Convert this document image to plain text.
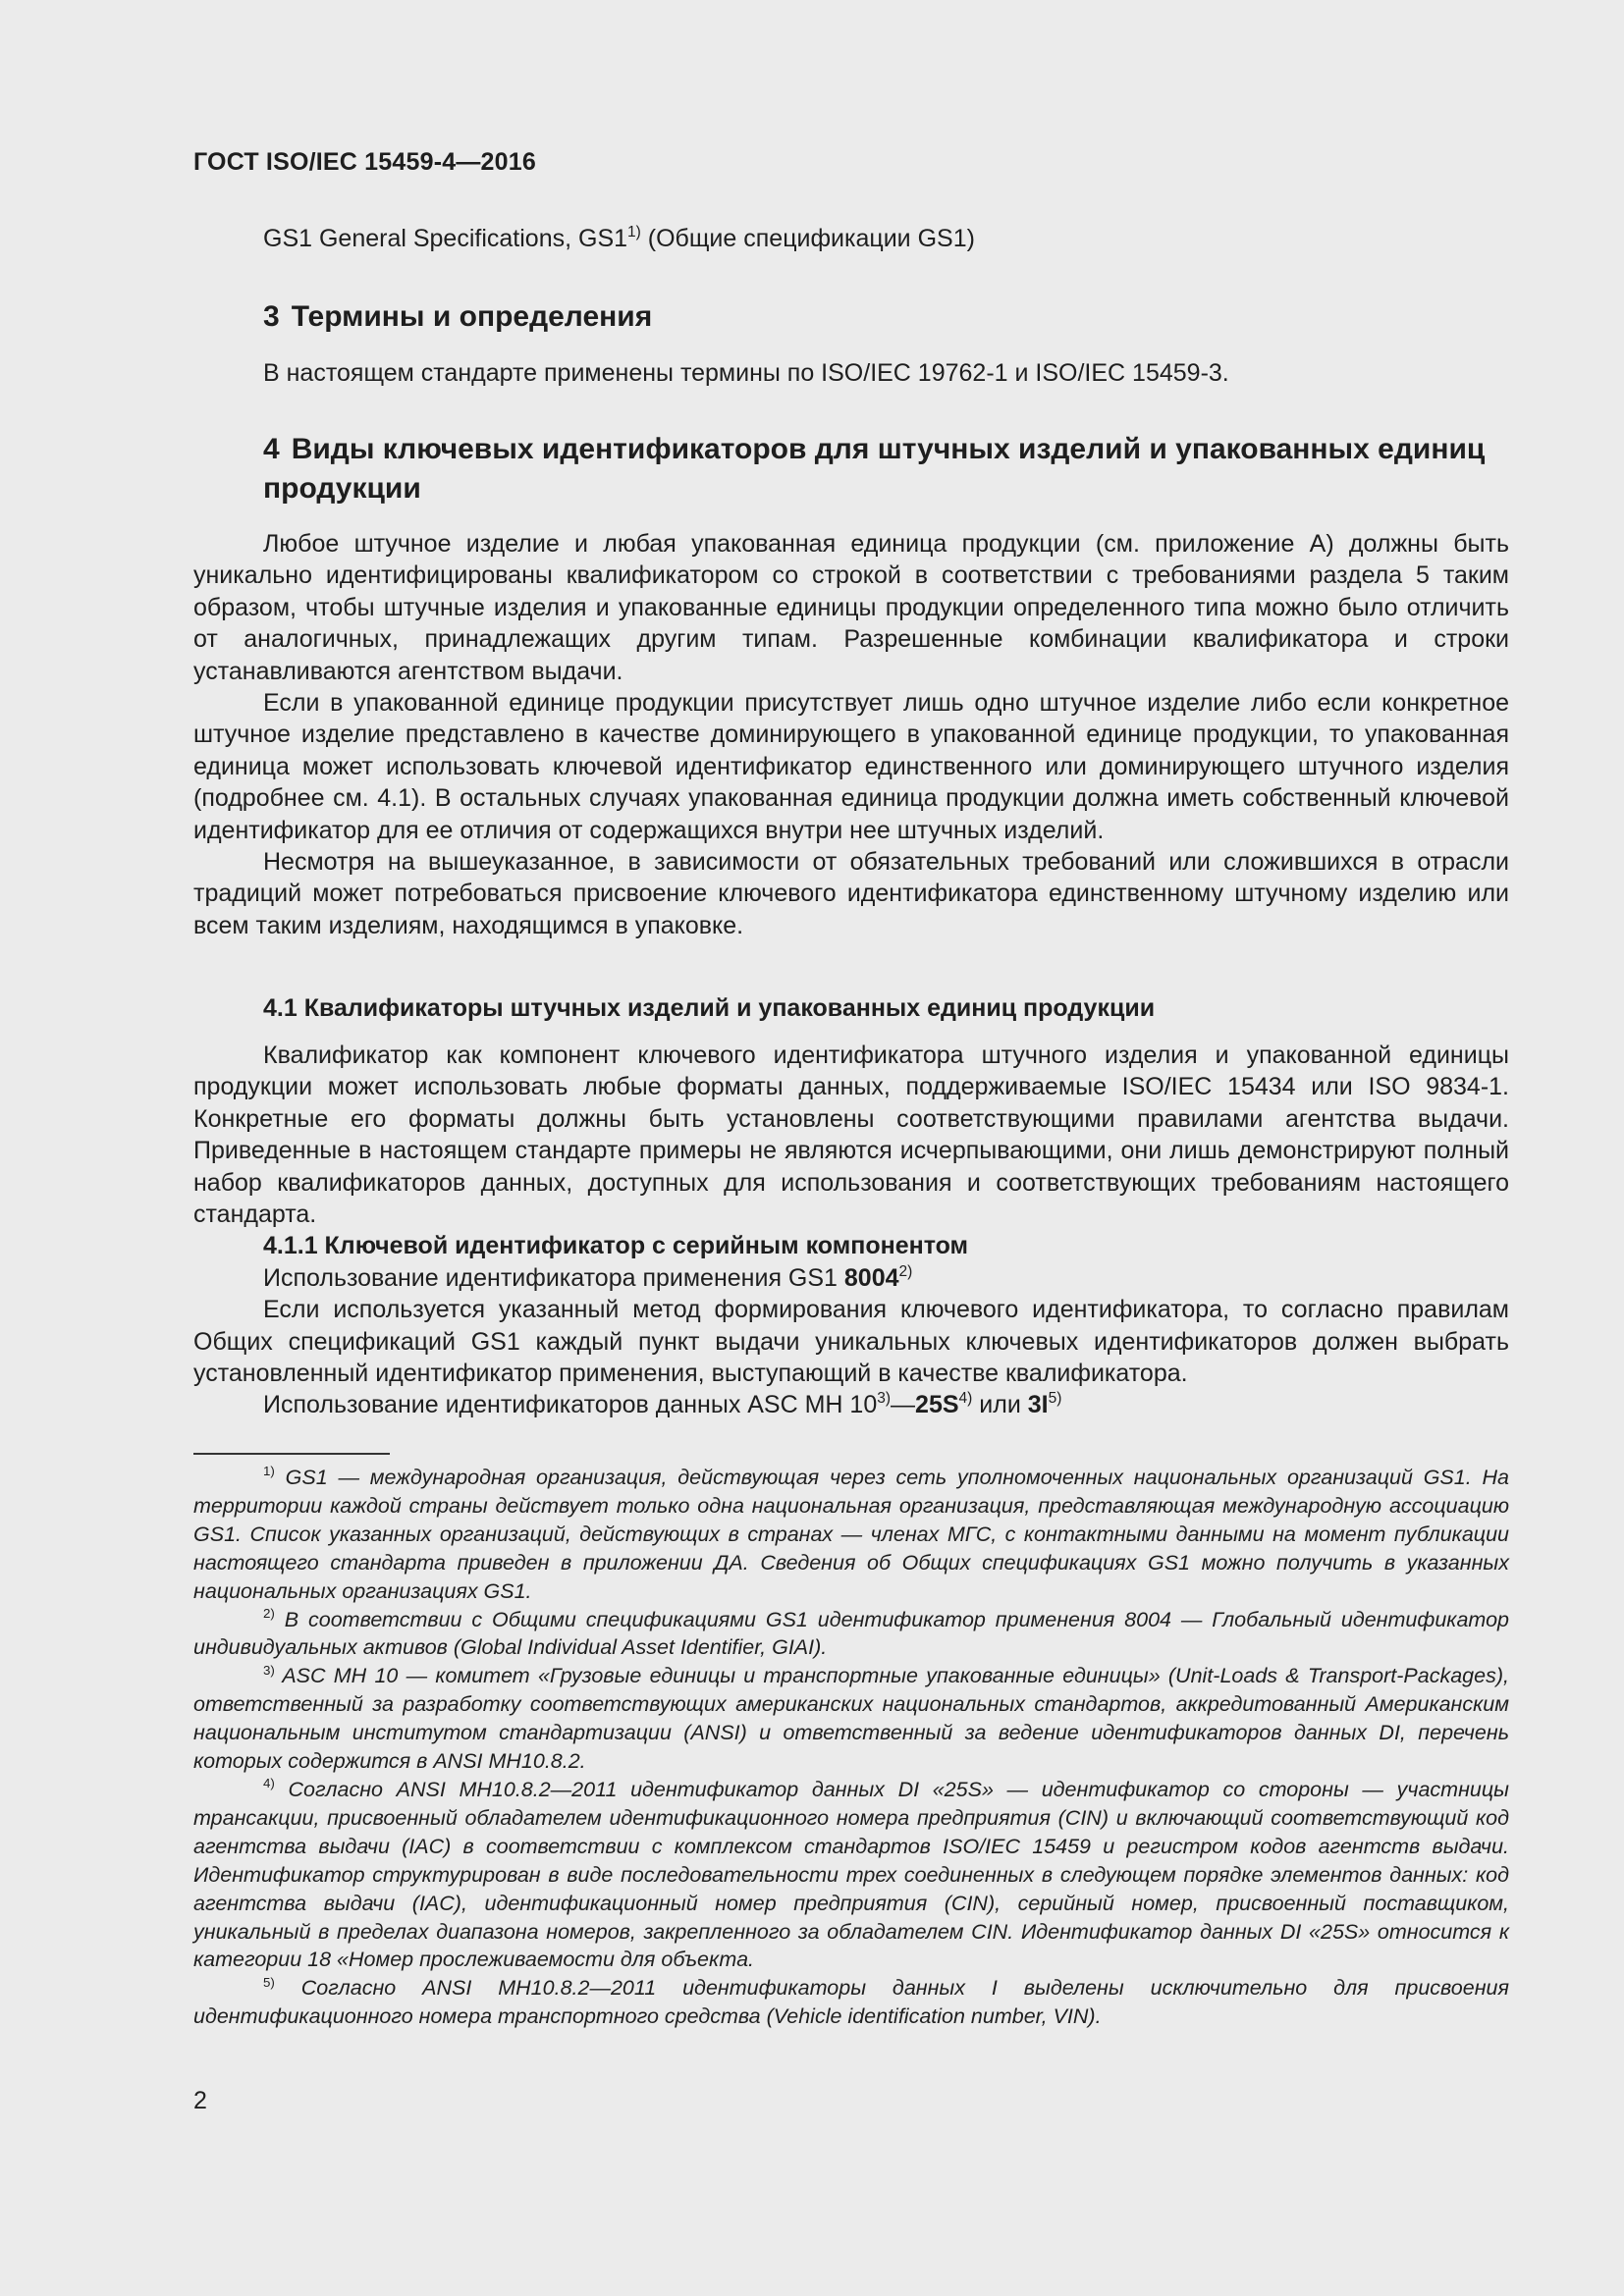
ГОСТ ISO/IEC 15459-4—2016
GS1 General Specifications, GS1$^{1)}$ (Общие спецификации GS1)
3 Термины и определения
В настоящем стандарте применены термины по ISO/IEC 19762-1 и ISO/IEC 15459-3.
4 Виды ключевых идентификаторов для штучных изделий и упакованных единиц продукции

Любое штучное изделие и любая упакованная единица продукции (см. приложение А) должны быть уникально идентифицированы квалификатором со строкой в соответствии с требованиями раздела 5 таким образом, чтобы штучные изделия и упакованные единицы продукции определенного типа можно было отличить от аналогичных, принадлежащих другим типам. Разрешенные комбинации квалификатора и строки устанавливаются агентством выдачи.

Если в упакованной единице продукции присутствует лишь одно штучное изделие либо если конкретное штучное изделие представлено в качестве доминирующего в упакованной единице продукции, то упакованная единица может использовать ключевой идентификатор единственного или доминирующего штучного изделия (подробнее см. 4.1). В остальных случаях упакованная единица продукции должна иметь собственный ключевой идентификатор для ее отличия от содержащихся внутри нее штучных изделий.

Несмотря на вышеуказанное, в зависимости от обязательных требований или сложившихся в отрасли традиций может потребоваться присвоение ключевого идентификатора единственному штучному изделию или всем таким изделиям, находящимся в упаковке.

4.1 Квалификаторы штучных изделий и упакованных единиц продукции

Квалификатор как компонент ключевого идентификатора штучного изделия и упакованной единицы продукции может использовать любые форматы данных, поддерживаемые ISO/IEC 15434 или ISO 9834-1. Конкретные его форматы должны быть установлены соответствующими правилами агентства выдачи. Приведенные в настоящем стандарте примеры не являются исчерпывающими, они лишь демонстрируют полный набор квалификаторов данных, доступных для использования и соответствующих требованиям настоящего стандарта.

4.1.1 Ключевой идентификатор с серийным компонентом

Использование идентификатора применения GS1 8004$^{2)}$

Если используется указанный метод формирования ключевого идентификатора, то согласно правилам Общих спецификаций GS1 каждый пункт выдачи уникальных ключевых идентификаторов должен выбрать установленный идентификатор применения, выступающий в качестве квалификатора.

Использование идентификаторов данных ASC MH $10^{3)}—25S^{4)}$ или $3I^{5)}$

$^{1)}$ GS1 — международная организация, действующая через сеть уполномоченных национальных организаций GS1. На территории каждой страны действует только одна национальная организация, представляющая международную ассоциацию GS1. Список указанных организаций, действующих в странах — членах МГС, с контактными данными на момент публикации настоящего стандарта приведен в приложении ДА. Сведения об Общих спецификациях GS1 можно получить в указанных национальных организациях GS1.

$^{2)}$ В соответствии с Общими спецификациями GS1 идентификатор применения 8004 — Глобальный идентификатор индивидуальных активов (Global Individual Asset Identifier, GIAI).

$^{3)}$ ASC MH 10 — комитет «Грузовые единицы и транспортные упакованные единицы» (Unit-Loads & Transport-Packages), ответственный за разработку соответствующих американских национальных стандартов, аккредитованный Американским национальным институтом стандартизации (ANSI) и ответственный за ведение идентификаторов данных DI, перечень которых содержится в ANSI MH10.8.2.

$^{4)}$ Согласно ANSI MH10.8.2—2011 идентификатор данных DI «25S» — идентификатор со стороны — участницы трансакции, присвоенный обладателем идентификационного номера предприятия (CIN) и включающий соответствующий код агентства выдачи (IAC) в соответствии с комплексом стандартов ISO/IEC 15459 и регистром кодов агентств выдачи. Идентификатор структурирован в виде последовательности трех соединенных в следующем порядке элементов данных: код агентства выдачи (IAC), идентификационный номер предприятия (CIN), серийный номер, присвоенный поставщиком, уникальный в пределах диапазона номеров, закрепленного за обладателем CIN. Идентификатор данных DI «25S» относится к категории 18 «Номер прослеживаемости для объекта.

$^{5)}$ Согласно ANSI MH10.8.2—2011 идентификаторы данных I выделены исключительно для присвоения идентификационного номера транспортного средства (Vehicle identification number, VIN).

2
